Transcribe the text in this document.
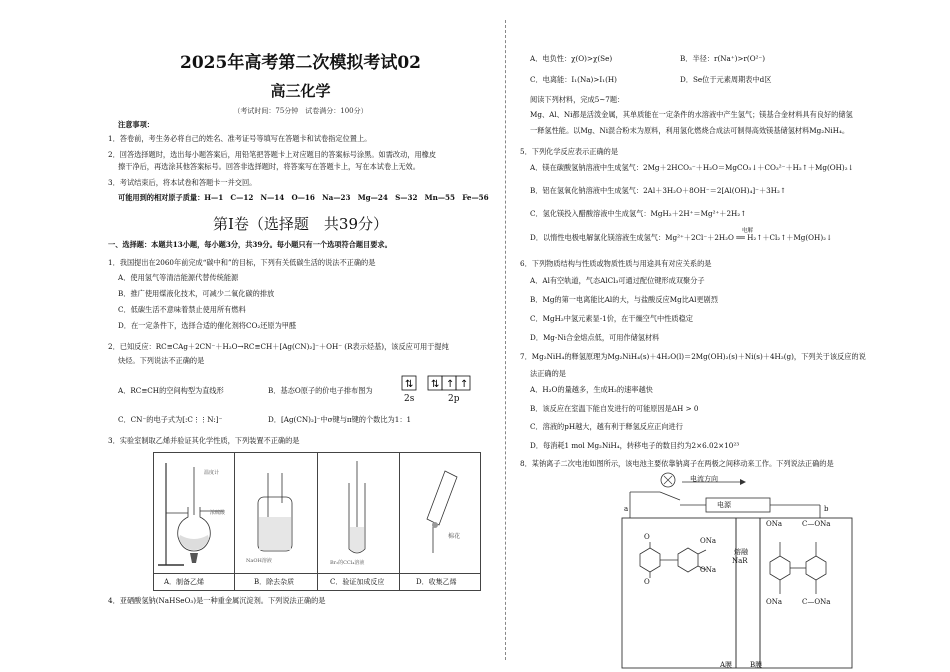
2025年高考第二次模拟考试02
高三化学
（考试时间：75分钟　试卷满分：100分）
注意事项：
1．答卷前，考生务必将自己的姓名、准考证号等填写在答题卡和试卷指定位置上。
2．回答选择题时，选出每小题答案后，用铅笔把答题卡上对应题目的答案标号涂黑。如需改动，用橡皮
擦干净后，再选涂其他答案标号。回答非选择题时，将答案写在答题卡上，写在本试卷上无效。
3．考试结束后，将本试卷和答题卡一并交回。
可能用到的相对原子质量：H—1　C—12　N—14　O—16　Na—23　Mg—24　S—32　Mn—55　Fe—56
第Ⅰ卷（选择题　共39分）
一、选择题：本题共13小题，每小题3分，共39分。每小题只有一个选项符合题目要求。
1．我国提出在2060年前完成“碳中和”的目标，下列有关低碳生活的说法不正确的是
A．使用氢气等清洁能源代替传统能源
B．推广使用煤液化技术，可减少二氧化碳的排放
C．低碳生活不意味着禁止使用所有燃料
D．在一定条件下，选择合适的催化剂将CO₂还原为甲醛
2．已知反应：RC≡CAg＋2CN⁻＋H₂O→RC≡CH＋[Ag(CN)₂]⁻＋OH⁻ (R表示烃基)，该反应可用于提纯
炔烃。下列说法不正确的是
A．RC≡CH的空间构型为直线形	B．基态O原子的价电子排布图为
⇅ ⇅ ↑ ↑
2s	2p
C．CN⁻的电子式为[:C⋮⋮N:]⁻	D．[Ag(CN)₂]⁻中σ键与π键的个数比为1：1
3．实验室制取乙烯并验证其化学性质，下列装置不正确的是
温度计
浓硫酸
NaOH溶液	Br₂的CCl₄溶液
棉花
A．制备乙烯	B．除去杂质	C．验证加成反应	D．收集乙烯
4．亚硒酸氢钠(NaHSeO₃)是一种重金属沉淀剂。下列说法正确的是
A．电负性：χ(O)>χ(Se)	B．半径：r(Na⁺)>r(O²⁻)
C．电离能：I₁(Na)>I₁(H)	D．Se位于元素周期表中d区
阅读下列材料，完成5~7题：
Mg、Al、Ni都是活泼金属，其单质能在一定条件的水溶液中产生氢气；镁基合金材料具有良好的储氢
一释氢性能。以Mg、Ni混合粉末为原料，利用氢化燃烧合成法可制得高效镁基储氢材料Mg₂NiH₄。
5．下列化学反应表示正确的是
A．镁在碳酸氢钠溶液中生成氢气：2Mg＋2HCO₃⁻＋H₂O＝MgCO₃↓＋CO₃²⁻＋H₂↑＋Mg(OH)₂↓
B．铝在氢氧化钠溶液中生成氢气：2Al＋3H₂O＋8OH⁻＝2[Al(OH)₄]⁻＋3H₂↑
C．氢化镁投入醋酸溶液中生成氢气：MgH₂＋2H⁺＝Mg²⁺＋2H₂↑
电解
D．以惰性电极电解氯化镁溶液生成氢气：Mg²⁺＋2Cl⁻＋2H₂O ══ H₂↑＋Cl₂↑＋Mg(OH)₂↓
6．下列物质结构与性质或物质性质与用途具有对应关系的是
A．Al有空轨道，气态AlCl₃可通过配位键形成双聚分子
B．Mg的第一电离能比Al的大，与盐酸反应Mg比Al更剧烈
C．MgH₂中氢元素显-1价，在干燥空气中性质稳定
D．Mg-Ni合金熔点低，可用作储氢材料
7．Mg₂NiH₄的释氢原理为Mg₂NiH₄(s)＋4H₂O(l)＝2Mg(OH)₂(s)＋Ni(s)＋4H₂(g)，下列关于该反应的说
法正确的是
A．H₂O的量越多，生成H₂的速率越快
B．该反应在室温下能自发进行的可能原因是ΔH > 0
C．溶液的pH越大，越有利于释氢反应正向进行
D．每消耗1 mol Mg₂NiH₄，转移电子的数目约为2×6.02×10²³
8．某钠离子二次电池如图所示，该电池主要依靠钠离子在两极之间移动来工作。下列说法正确的是
电流方向
电源
a	b
O
O
ONa
ONa
熔融
NaR
ONa	C—ONa
ONa	C—ONa
A膜	B膜
